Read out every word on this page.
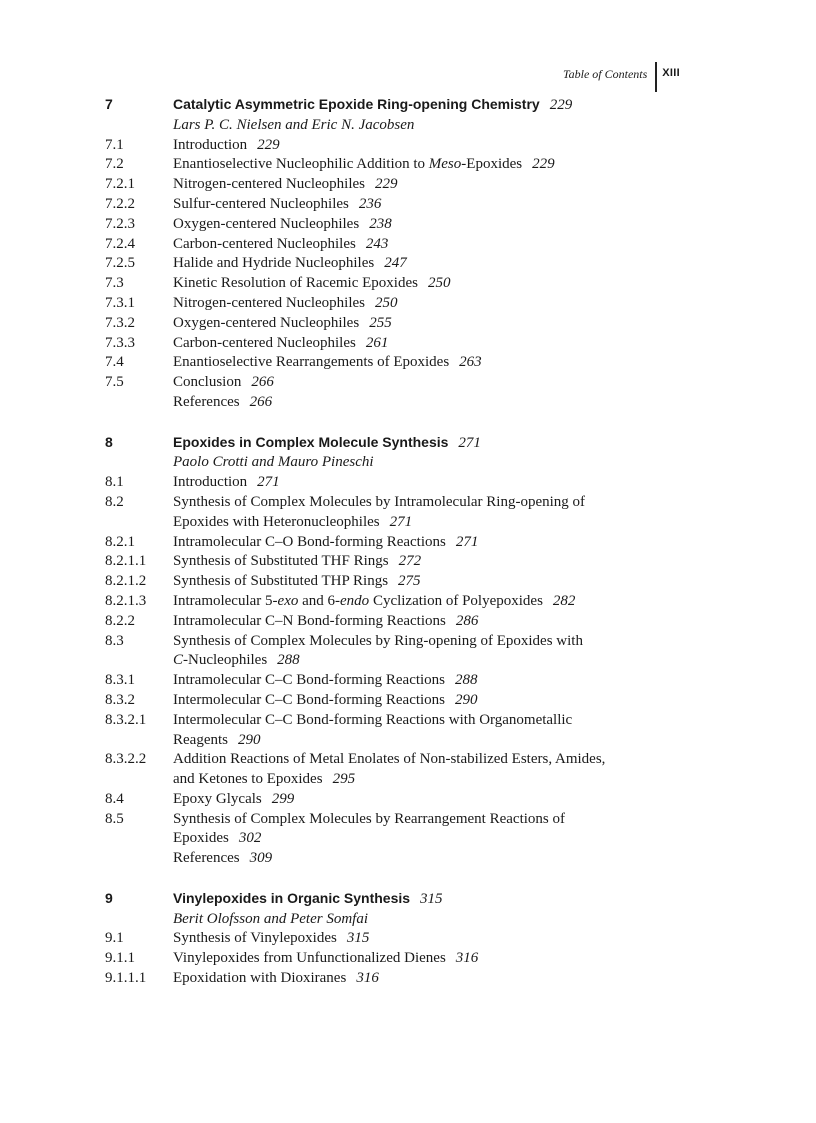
Table of Contents XIII
7	Catalytic Asymmetric Epoxide Ring-opening Chemistry 229
Lars P. C. Nielsen and Eric N. Jacobsen
7.1	Introduction 229
7.2	Enantioselective Nucleophilic Addition to Meso-Epoxides 229
7.2.1	Nitrogen-centered Nucleophiles 229
7.2.2	Sulfur-centered Nucleophiles 236
7.2.3	Oxygen-centered Nucleophiles 238
7.2.4	Carbon-centered Nucleophiles 243
7.2.5	Halide and Hydride Nucleophiles 247
7.3	Kinetic Resolution of Racemic Epoxides 250
7.3.1	Nitrogen-centered Nucleophiles 250
7.3.2	Oxygen-centered Nucleophiles 255
7.3.3	Carbon-centered Nucleophiles 261
7.4	Enantioselective Rearrangements of Epoxides 263
7.5	Conclusion 266
References 266
8	Epoxides in Complex Molecule Synthesis 271
Paolo Crotti and Mauro Pineschi
8.1	Introduction 271
8.2	Synthesis of Complex Molecules by Intramolecular Ring-opening of
Epoxides with Heteronucleophiles 271
8.2.1	Intramolecular C–O Bond-forming Reactions 271
8.2.1.1	Synthesis of Substituted THF Rings 272
8.2.1.2	Synthesis of Substituted THP Rings 275
8.2.1.3	Intramolecular 5-exo and 6-endo Cyclization of Polyepoxides 282
8.2.2	Intramolecular C–N Bond-forming Reactions 286
8.3	Synthesis of Complex Molecules by Ring-opening of Epoxides with
C-Nucleophiles 288
8.3.1	Intramolecular C–C Bond-forming Reactions 288
8.3.2	Intermolecular C–C Bond-forming Reactions 290
8.3.2.1	Intermolecular C–C Bond-forming Reactions with Organometallic
Reagents 290
8.3.2.2	Addition Reactions of Metal Enolates of Non-stabilized Esters, Amides,
and Ketones to Epoxides 295
8.4	Epoxy Glycals 299
8.5	Synthesis of Complex Molecules by Rearrangement Reactions of
Epoxides 302
References 309
9	Vinylepoxides in Organic Synthesis 315
Berit Olofsson and Peter Somfai
9.1	Synthesis of Vinylepoxides 315
9.1.1	Vinylepoxides from Unfunctionalized Dienes 316
9.1.1.1	Epoxidation with Dioxiranes 316
